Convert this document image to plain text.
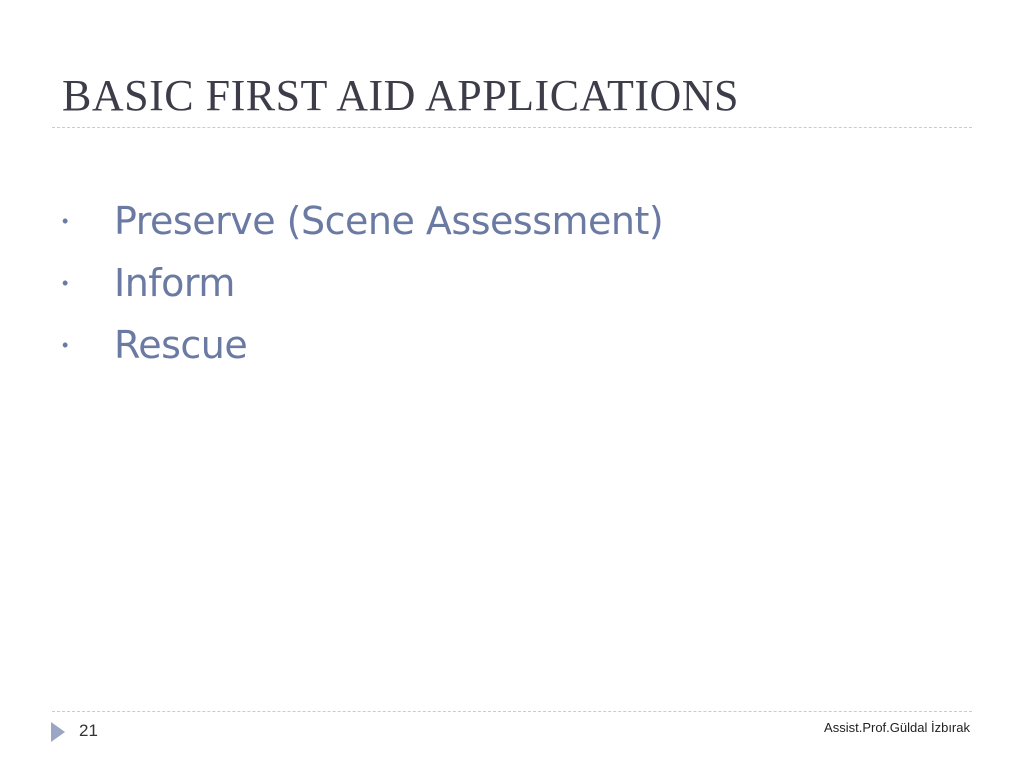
BASIC FIRST AID APPLICATIONS
•	Preserve (Scene Assessment)
•	Inform
•	Rescue
21	Assist.Prof.Güldal İzbırak
